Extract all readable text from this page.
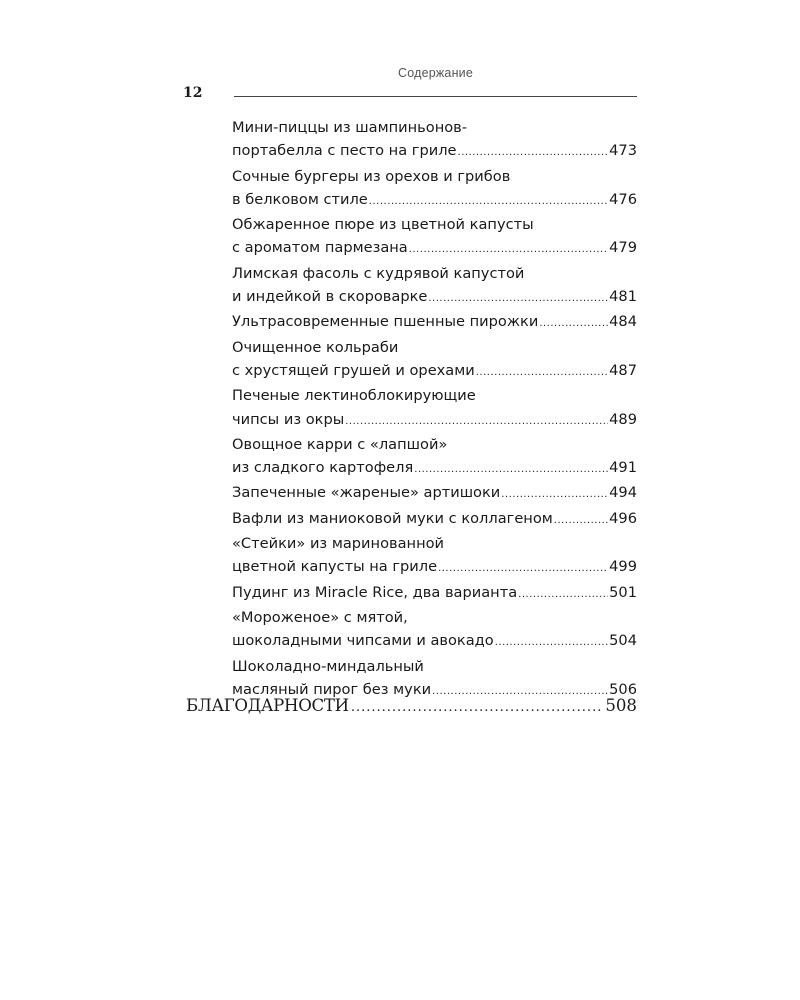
Содержание
12
Мини-пиццы из шампиньонов-
портабелла с песто на гриле .....	473
Сочные бургеры из орехов и грибов
в белковом стиле .....	476
Обжаренное пюре из цветной капусты
с ароматом пармезана .....	479
Лимская фасоль с кудрявой капустой
и индейкой в скороварке .....	481
Ультрасовременные пшенные пирожки .....	484
Очищенное кольраби
с хрустящей грушей и орехами .....	487
Печеные лектиноблокирующие
чипсы из окры .....	489
Овощное карри с «лапшой»
из сладкого картофеля .....	491
Запеченные «жареные» артишоки .....	494
Вафли из маниоковой муки с коллагеном .....	496
«Стейки» из маринованной
цветной капусты на гриле .....	499
Пудинг из Miracle Rice, два варианта .....	501
«Мороженое» с мятой,
шоколадными чипсами и авокадо .....	504
Шоколадно-миндальный
масляный пирог без муки .....	506
БЛАГОДАРНОСТИ .....	508
